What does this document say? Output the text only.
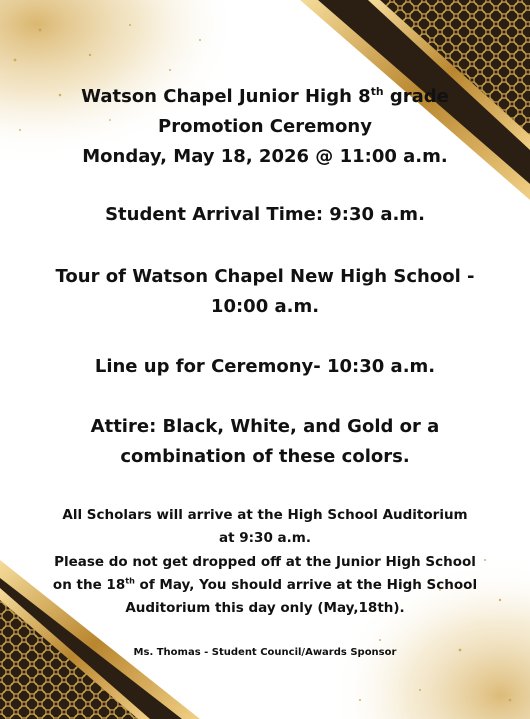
Watson Chapel Junior High 8th grade
Promotion Ceremony
Monday, May 18, 2026 @ 11:00 a.m.
Student Arrival Time: 9:30 a.m.
Tour of Watson Chapel New High School -
10:00 a.m.
Line up for Ceremony- 10:30 a.m.
Attire: Black, White, and Gold or a
combination of these colors.
All Scholars will arrive at the High School Auditorium
at 9:30 a.m.
Please do not get dropped off at the Junior High School
on the 18th of May, You should arrive at the High School
Auditorium this day only (May,18th).
Ms. Thomas - Student Council/Awards Sponsor
